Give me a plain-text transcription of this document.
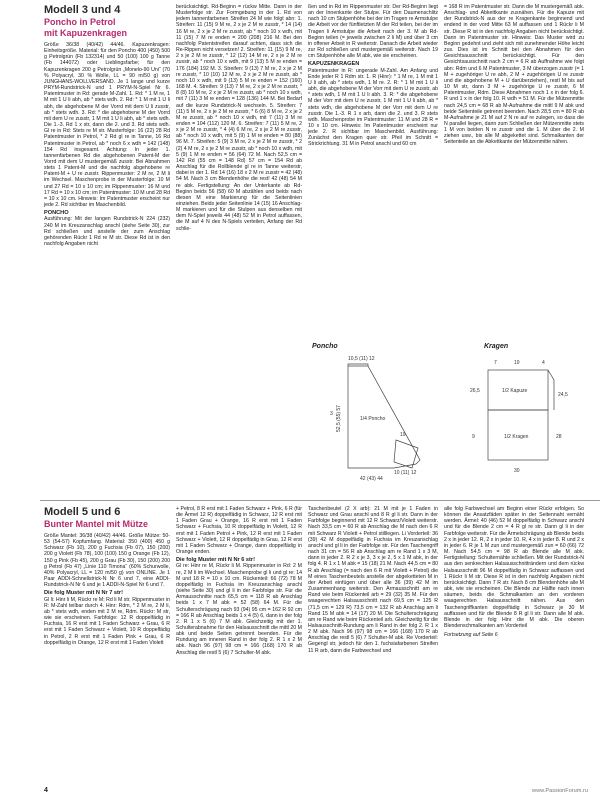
Modell 3 und 4

Poncho in Petrol

mit Kapuzenkragen

Größe 36/38 (40/42) 44/46. Kapuzenkragen: Einheitsgröße. Material: für den Poncho 400 (450) 500 g Petrolgrün (Fb 132314) und 50 (100) 100 g Tanne (Fb 144072) oder Lieblingsfarbe; für den Kapuzenkragen 200 g Petrolgrün „Monelo-90 Uni“ (70 % Polyacryl, 30 % Wolle, LL = 90 m/50 g) von JUNGHANS-WOLLVERSAND. Je 1 lange und kurze PRYM-Rundstrick-N und 1 PRYM-N-Spiel Nr 6. Patentmuster in Rd: gerade M-Zahl. 1. Rd: * 1 M re, 1 M mit 1 U li abh, ab * stets wdh. 2. Rd: * 1 M mit 1 U li abh, die abgehobene M der Vorrd mit dem U li zusstr, ab * stets wdh. 3. Rd: * die abgehobene M der Vorrd mit dem U re zusstr, 1 M mit 1 U li abh, ab * stets wdh. Die 1.-3. Rd 1 x str, dann die 2. und 3. Rd stets wdh. Gl re in Rd: Stets re M str. Musterfolge: 16 (22) 28 Rd Patentmuster in Petrol, * 2 Rd gl re in Tanne, 16 Rd Patentmuster in Petrol, ab * noch 6 x wdh = 142 (148) 154 Rd insgesamt. Achtung: In jeder 1. tannenfarbenen Rd die abgehobenen Patent-M der Vorrd mit dem U mustergemäß zusstr. Bei Abnahmen stets 1 Patent-M und die nachfolg abgehobene re Patent-M + U re zusstr. Rippenmuster: 2 M re, 2 M li im Wechsel. Maschenprobe in der Musterfolge: 10 M und 27 Rd = 10 x 10 cm; im Rippenmuster: 16 M und 17 Rd = 10 x 10 cm; im Patentmuster: 10 M und 28 Rd = 10 x 10 cm. Hinweis: Im Patentmuster erscheint nur jede 2. Rd sichtbar im Maschenbild.
PONCHO
Ausführung: Mit der langen Rundstrick-N 224 (232) 240 M im Kreuzanschlag anschl (siehe Seite 30), zur Rd schließen und anstelle der zum Anschlag gehörenden Rückr 1 Rd re M str. Diese Rd ist in den nachfolg Angaben nicht
berücksichtigt. Rd-Beginn = rückw Mitte. Dann in der Musterfolge str. Zur Formgebung in der 1. Rd von jedem tannenfarbenen Streifen 24 M wie folgt abn: 1. Streifen: 11 (15) 9 M re, 2 x je 2 M re zusstr, * 14 (14) 16 M re, 2 x je 2 M re zusstr, ab * noch 10 x wdh, mit 11 (15) 7 M re enden = 200 (208) 216 M. Bei den nachfolg Patentstreifen darauf achten, dass sich die Re-Rippen nicht versetzen! 2. Streifen: 11 (15) 9 M re, 2 x je 2 M re zusstr, * 12 (12) 14 M re, 2 x je 2 M re zusstr, ab * noch 10 x wdh, mit 9 (13) 5 M re enden = 176 (184) 192 M. 3. Streifen: 9 (13) 7 M re, 2 x je 2 M re zusstr, * 10 (10) 12 M re, 2 x je 2 M re zusstr, ab * noch 10 x wdh, mit 9 (13) 5 M re enden = 152 (160) 168 M. 4. Streifen: 9 (13) 7 M re, 2 x je 2 M re zusstr, * 8 (8) 10 M re, 2 x je 2 M re zusstr, ab * noch 10 x wdh, mit 7 (11) 3 M re enden = 128 (136) 144 M. Bei Bedarf auf die kurze Rundstrick-N wechseln. 5. Streifen: 7 (11) 5 M re, 2 x je 2 M re zusstr, * 6 (6) 8 M re, 2 x je 2 M re zusstr, ab * noch 10 x wdh, mit 7 (11) 3 M re enden = 104 (112) 120 M. 6. Streifen: 7 (11) 5 M re, 2 x je 2 M re zusstr, * 4 (4) 6 M re, 2 x je 2 M re zusstr, ab * noch 10 x wdh, mit 5 (9) 1 M re enden = 80 (88) 96 M. 7. Streifen: 5 (9) 3 M re, 2 x je 2 M re zusstr, * 2 (2) 4 M re, 2 x je 2 M re zusstr, ab * noch 10 x wdh, mit 5 (9) 1 M re enden = 56 (64) 72 M. Nach 52,5 cm = 142 Rd (55 cm = 148 Rd) 57 cm = 154 Rd ab Anschlag für die Rollblende gl re in Tanne weiterstr, dabei in der 1. Rd 14 (16) 18 x 2 M re zusstr = 42 (48) 54 M. Nach 3 cm Blendenhöhe die rest! 42 (48) 54 M re abk. Fertigstellung: An der Unterkante ab Rd-Beginn beids 56 (58) 60 M abzählen und beids nach diesen M eine Markierung für die Seitenlinien einziehen. Beids jeder Seitenlinie 14 (15) 16 Anschlag-M markieren und für die Stulpen aus denselben mit dem N-Spiel jeweils 44 (48) 52 M in Petrol auffassen, die M auf 4 N des N-Spiels verteilen, Anfang der Rd schlie-
ßen und in Rd im Rippenmuster str. Der Rd-Beginn liegt an der Innenkante der Stulpe. Für den Daumenschlitz nach 10 cm Stulpenhöhe bei der im Tragen re Armstulpe die Arbeit vor der fünftletzten M der Rd teilen, bei der im Tragen li Armstulpe die Arbeit nach der 3. M ab Rd-Beginn teilen (= jeweils zwischen 2 li M) und über 3 cm in offener Arbeit in R weiterstr. Danach die Arbeit wieder zur Rd schließen und mustergemäß weiterstr. Nach 19 cm Stulpenhöhe alle M abk, wie sie erscheinen.
KAPUZENKRAGEN
Patentmuster in R: ungerade M-Zahl. Am Anfang und Ende jeder R 1 Rdm str. 1. R (Hinr): * 1 M re, 1 M mit 1 U li abh, ab * stets wdh, 1 M re. 2. R: * 1 M mit 1 U li abh, die abgehobene M der Vorr mit dem U re zusstr, ab * stets wdh, 1 M mit 1 U li abh. 3. R: * die abgehobene M der Vorr mit dem U re zusstr, 1 M mit 1 U li abh, ab * stets wdh, die abgehobene M der Vorr mit dem U re zusstr. Die 1.-3. R 1 x arb, dann die 2. und 3. R stets wdh. Maschenprobe im Patentmuster: 11 M und 28 R = 10 x 10 cm. Hinweis: Im Patentmuster erscheint nur jede 2. R sichtbar im Maschenbild. Ausführung: Zunächst den Kragen quer str. Pfeil im Schnitt = Strickrichtung. 31 M in Petrol anschl und 60 cm
= 168 R im Patentmuster str. Dann die M mustergemäß abk. Anschlag- und Abkettkante zusnähen. Für die Kapuze mit der Rundstrick-N aus der re Kragenkante beginnend und endend in der vord Mitte 63 M auffassen und 1 Rückr li M str. Diese R ist in den nachfolg Angaben nicht berücksichtigt. Dann im Patentmuster str. Hinweis: Das Muster wird zu Beginn gedehnt und zieht sich mit zunehmender Höhe leicht zus. Dies ist im Schnitt bei den Abnahmen für den Gesichtsausschnitt berücksichtigt. Für den Gesichtsausschnitt nach 2 cm = 6 R ab Auffnahme wie folgt abn: Rdm und 6 M Patentmuster, 3 M überzogen zusstr (= 1 M + zugehöriger U re abh, 2 M + zugehörigen U re zusstr und die abgehobene M + U darüberziehen), restl M bis auf 10 M str, dann 3 M + zugehörige U re zusstr, 6 M Patentmuster, Rdm. Diese Abnahmen noch 1 x in der folg 6. R und 1 x in der folg 10. R wdh = 51 M. Für die Mützenmitte nach 24,5 cm = 68 R ab M-Aufnahme die mittl 9 M abk und beide Seitenteile getrennt beenden. Nach 28,5 cm = 80 R ab M-Aufnahme je 21 M auf 2 N re auf re zulegen, so dass die N parallel liegen, dann zum Schließen der Mützenmitte stets 1 M von beiden N re zusstr und die 1. M über die 2. M ziehen usw., bis alle M abgekettet sind. Schmalkanten der Seitenteile an die Abkettkante der Mützenmitte nähen.
Poncho
10,5 (11) 12
3 52,5 (55) 57	1/4 Poncho
19
10 (11) 12
42 (43) 44
Kragen
7	19	4
26,5
24,5
1/2 Kapuze
1/2 Kragen	28
9
30

Modell 5 und 6

Bunter Mantel mit Mütze

Größe Mantel: 36/38 (40/42) 44/46. Größe Mütze: 50-53 (54-57) Kopfumfang. Material: 350 (400) 450 g Schwarz (Fb 10), 200 g Fuchsia (Fb 07), 150 (200) 200 g Violett (Fb 78), 100 (100) 150 g Orange (Fb 12), 150 g Pink (Fb 45), 200 g Grau (Fb 30), 150 (200) 200 g Petrol (Fb 47) „Linie 110 Timona“ (60% Schurwolle, 40% Polyacryl, LL = 120 m/50 g) von ONLINE. Je 1 Paar ADDI-Schnellstrick-N Nr 6 und 7, eine ADDI-Rundstrick-N Nr 6 und je 1 ADDI-N-Spiel Nr 6 und 7.
Die folg Muster mit N Nr 7 str!
Gl li: Hinr li M, Rückr re M; Rd li M str. Rippenmuster in R: M-Zahl teilbar durch 4. Hinr: Rdm, * 2 M re, 2 M li, ab * stets wdh, enden mit 2 M re, Rdm. Rückr: M str, wie sie erscheinen. Farbfolge: 12 R doppelfädig in Fuchsia, 16 R erst mit 1 Faden Schwarz + Grau, 6 R erst mit 1 Faden Schwarz + Violett, 10 R doppelfädig in Petrol, 2 R erst mit 1 Faden Pink + Grau, 6 R doppelfädig in Orange, 12 R erst mit 1 Faden Violett
+ Petrol, 8 R erst mit 1 Faden Schwarz + Pink, 6 R (für die Ärmel 12 R) doppelfädig in Schwarz, 12 R erst mit 1 Faden Grau + Orange, 16 R erst mit 1 Faden Schwarz + Fuchsia, 10 R doppelfädig in Violett, 12 R erst mit 1 Faden Petrol + Pink, 12 R erst mit 1 Faden Schwarz + Violett, 12 R doppelfädig in Grau, 12 R erst mit 1 Faden Schwarz + Orange, dann doppelfädig in Orange enden.
Die folg Muster mit N Nr 6 str!
Gl re: Hinr re M, Rückr li M. Rippenmuster in Rd: 2 M re, 2 M li im Wechsel. Maschenprobe gl li und gl re: 14 M und 18 R = 10 x 10 cm. Rückenteil: 66 (72) 78 M doppelfädig in Fuchsia im Kreuzanschlag anschl (siehe Seite 30) und gl li in der Farbfolge str. Für die Armausschnitte nach 65,5 cm = 118 R ab Anschlag beids 1 x 7 M abk = 52 (58) 64 M. Für die Schulterschrägung nach 93 (94) 95 cm = 162 R 92 cm = 166 R ab Anschlag beids 1 x 4 (5) 6, dann in der folg 2. R 1 x 5 (6) 7 M abk. Gleichzeitig mit der 1. Schulterabnahme für den Halsausschnitt die mittl 20 M abk und beide Seiten getrennt beenden. Für die Rundung am inneren Rand in der folg 2. R 1 x 2 M abk. Nach 96 (97) 98 cm = 166 (168) 170 R ab Anschlag die restl 5 (6) 7 Schulter-M abk.
Taschenbeutel (2 X arb): 21 M mit je 1 Faden in Schwarz und Grau anschl und 8 R gl li str. Dann in der Farbfolge beginnend mit 12 R Schwarz/Violett weiterstr. Nach 33,5 cm = 60 R ab Anschlag die M nach den 6 R mit Schwarz R Violett + Petrol stilllegen. Li Vorderteil: 36 (39) 42 M doppelfädig in Fuchsia im Kreuzanschlag anschl und gl li in der Farbfolge str. Für den Taschengriff nach 31 cm = 56 R ab Anschlag am re Rand 1 x 3 M, dann in jeder 2. R 2 x je 3, 3 x je 2, 5 x 1 M abk, in der folg 4. R 1 x 1 M abk = 15 (18) 21 M. Nach 44,5 cm = 80 R ab Anschlag (= nach den 6 R mit Violett + Petrol) die M eines Taschenbeutels anstelle der abgeketteten M in der Arbeit einfügen und über alle 36 (39) 42 M im Zusammenhang weiterstr. Den Armausschnitt am re Rand wie beim Rückenteil arb = 29 (32) 35 M. Für den waagerechten Halsausschnitt nach 69,5 cm = 125 R (71,5 cm = 129 R) 73,5 cm = 132 R ab Anschlag am li Rand 15 M abk = 14 (17) 20 M. Die Schulterschrägung am re Rand wie beim Rückenteil arb. Gleichzeitig für die Halsausschnitt-Rundung am li Rand in der folg 2. R 1 x 2 M abk. Nach 96 (97) 98 cm = 166 (168) 170 R ab Anschlag die restl 5 (6) 7 Schulter-M abk. Re Vorderteil: Gegengl str, jedoch für den 1. fuchsiafarbenen Streifen 11 R arb, dann die Farbwechsel und
alle folg Farbwechsel am Beginn einer Rückr erfolgen. So können die Ansatzfäden später in der Seitennaht vernäht werden. Ärmel: 40 (46) 52 M doppelfädig in Schwarz anschl und für die Blende 2 cm = 4 R gl re str. Dann gl li in der Farbfolge weiterstr. Für die Ärmelschrägung ab Blende beids 2 x in jeder 12. R, 2 x in jeder 10. R, 4 x in jeder 8. R und 2 x in jeder 6. R je 1 M zun und mustergemäß zun = 60 (66) 72 M. Nach 54,5 cm = 98 R ab Blende alle M abk. Fertigstellung: Schulternähte schließen. Mit der Rundstrick-N aus den senkrechten Halsausschnitträndern und dem rückw Halsausschnitt 96 M doppelfädig in Schwarz auffassen und 1 Rückr li M str. Diese R ist in den nachfolg Angaben nicht berücksichtigt. Dann 7 R str. Nach 8 cm Blendenhöhe alle M abk, wie sie erscheinen. Die Blende zur Hälfte nach innen säumen, beids die Schmalkanten an den vorderen waagerechten Halsausschnitt nähen. Aus den Taschengriffkanten doppelfädig in Schwarz je 30 M auffassen und für die Blende 8 R gl li str. Dann alle M abk. Blende in der folg Hinr die M abk. Die oberen Blendenschmalkanten am Vorderteil
Fortsetzung auf Seite 6
4	www.PassionForum.ru
